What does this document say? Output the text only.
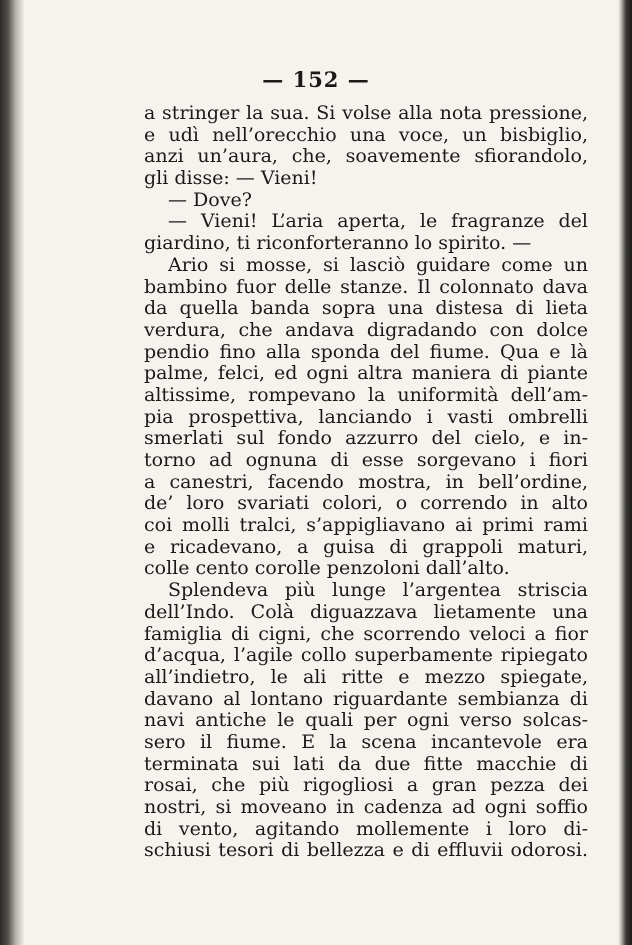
— 152 —
a stringer la sua. Si volse alla nota pressione,
e udì nell’orecchio una voce, un bisbiglio,
anzi un’aura, che, soavemente sfiorandolo,
gli disse: — Vieni!
— Dove?
— Vieni! L’aria aperta, le fragranze del
giardino, ti riconforteranno lo spirito. —
Ario si mosse, si lasciò guidare come un
bambino fuor delle stanze. Il colonnato dava
da quella banda sopra una distesa di lieta
verdura, che andava digradando con dolce
pendio fino alla sponda del fiume. Qua e là
palme, felci, ed ogni altra maniera di piante
altissime, rompevano la uniformità dell’am-
pia prospettiva, lanciando i vasti ombrelli
smerlati sul fondo azzurro del cielo, e in-
torno ad ognuna di esse sorgevano i fiori
a canestri, facendo mostra, in bell’ordine,
de’ loro svariati colori, o correndo in alto
coi molli tralci, s’appigliavano ai primi rami
e ricadevano, a guisa di grappoli maturi,
colle cento corolle penzoloni dall’alto.
Splendeva più lunge l’argentea striscia
dell’Indo. Colà diguazzava lietamente una
famiglia di cigni, che scorrendo veloci a fior
d’acqua, l’agile collo superbamente ripiegato
all’indietro, le ali ritte e mezzo spiegate,
davano al lontano riguardante sembianza di
navi antiche le quali per ogni verso solcas-
sero il fiume. E la scena incantevole era
terminata sui lati da due fitte macchie di
rosai, che più rigogliosi a gran pezza dei
nostri, si moveano in cadenza ad ogni soffio
di vento, agitando mollemente i loro di-
schiusi tesori di bellezza e di effluvii odorosi.
